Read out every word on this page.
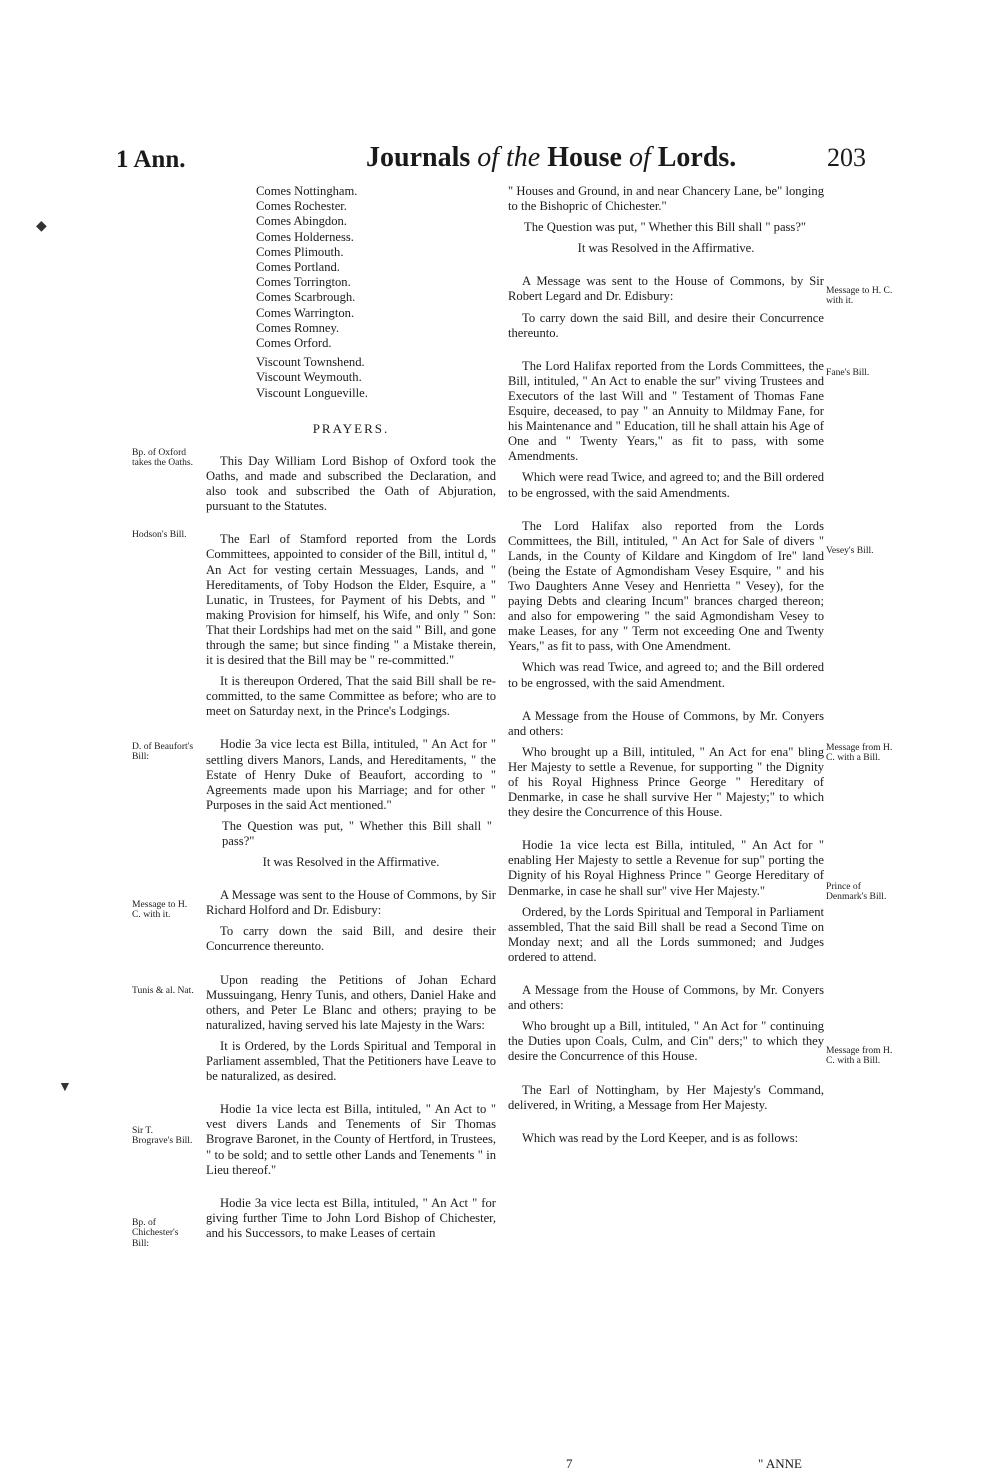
1 Ann.	Journals of the House of Lords.	203
Comes Nottingham.
Comes Rochester.
Comes Abingdon.
Comes Holderness.
Comes Plimouth.
Comes Portland.
Comes Torrington.
Comes Scarbrough.
Comes Warrington.
Comes Romney.
Comes Orford.
Viscount Townshend.
Viscount Weymouth.
Viscount Longueville.
PRAYERS.

This Day William Lord Bishop of Oxford took the Oaths, and made and subscribed the Declaration, and also took and subscribed the Oath of Abjuration, pursuant to the Statutes.

The Earl of Stamford reported from the Lords Committees, appointed to consider of the Bill, intitul d, " An Act for vesting certain Messuages, Lands, and " Hereditaments, of Toby Hodson the Elder, Esquire, a " Lunatic, in Trustees, for Payment of his Debts, and " making Provision for himself, his Wife, and only " Son: That their Lordships had met on the said " Bill, and gone through the same; but since finding " a Mistake therein, it is desired that the Bill may be " re-committed."

It is thereupon Ordered, That the said Bill shall be re-committed, to the same Committee as before; who are to meet on Saturday next, in the Prince's Lodgings.

Hodie 3a vice lecta est Billa, intituled, " An Act for " settling divers Manors, Lands, and Hereditaments, " the Estate of Henry Duke of Beaufort, according to " Agreements made upon his Marriage; and for other " Purposes in the said Act mentioned."

The Question was put, " Whether this Bill shall " pass?"

It was Resolved in the Affirmative.

A Message was sent to the House of Commons, by Sir Richard Holford and Dr. Edisbury:

To carry down the said Bill, and desire their Concurrence thereunto.

Upon reading the Petitions of Johan Echard Mussuingang, Henry Tunis, and others, Daniel Hake and others, and Peter Le Blanc and others; praying to be naturalized, having served his late Majesty in the Wars:

It is Ordered, by the Lords Spiritual and Temporal in Parliament assembled, That the Petitioners have Leave to be naturalized, as desired.

Hodie 1a vice lecta est Billa, intituled, " An Act to " vest divers Lands and Tenements of Sir Thomas Brograve Baronet, in the County of Hertford, in Trustees, " to be sold; and to settle other Lands and Tenements " in Lieu thereof."

Hodie 3a vice lecta est Billa, intituled, " An Act " for giving further Time to John Lord Bishop of Chichester, and his Successors, to make Leases of certain

" Houses and Ground, in and near Chancery Lane, be" longing to the Bishopric of Chichester."

The Question was put, " Whether this Bill shall " pass?"

It was Resolved in the Affirmative.

A Message was sent to the House of Commons, by Sir Robert Legard and Dr. Edisbury:

To carry down the said Bill, and desire their Concurrence thereunto.

The Lord Halifax reported from the Lords Committees, the Bill, intituled, " An Act to enable the sur" viving Trustees and Executors of the last Will and " Testament of Thomas Fane Esquire, deceased, to pay " an Annuity to Mildmay Fane, for his Maintenance and " Education, till he shall attain his Age of One and " Twenty Years," as fit to pass, with some Amendments.

Which were read Twice, and agreed to; and the Bill ordered to be engrossed, with the said Amendments.

The Lord Halifax also reported from the Lords Committees, the Bill, intituled, " An Act for Sale of divers " Lands, in the County of Kildare and Kingdom of Ire" land (being the Estate of Agmondisham Vesey Esquire, " and his Two Daughters Anne Vesey and Henrietta " Vesey), for the paying Debts and clearing Incum" brances charged thereon; and also for empowering " the said Agmondisham Vesey to make Leases, for any " Term not exceeding One and Twenty Years," as fit to pass, with One Amendment.

Which was read Twice, and agreed to; and the Bill ordered to be engrossed, with the said Amendment.

A Message from the House of Commons, by Mr. Conyers and others:

Who brought up a Bill, intituled, " An Act for ena" bling Her Majesty to settle a Revenue, for supporting " the Dignity of his Royal Highness Prince George " Hereditary of Denmarke, in case he shall survive Her " Majesty;" to which they desire the Concurrence of this House.

Hodie 1a vice lecta est Billa, intituled, " An Act for " enabling Her Majesty to settle a Revenue for sup" porting the Dignity of his Royal Highness Prince " George Hereditary of Denmarke, in case he shall sur" vive Her Majesty."

Ordered, by the Lords Spiritual and Temporal in Parliament assembled, That the said Bill shall be read a Second Time on Monday next; and all the Lords summoned; and Judges ordered to attend.

A Message from the House of Commons, by Mr. Conyers and others:

Who brought up a Bill, intituled, " An Act for " continuing the Duties upon Coals, Culm, and Cin" ders;" to which they desire the Concurrence of this House.

The Earl of Nottingham, by Her Majesty's Command, delivered, in Writing, a Message from Her Majesty.

Which was read by the Lord Keeper, and is as follows:

Bp. of Oxford takes the Oaths.
Hodson's Bill.
D. of Beaufort's Bill:
Message to H. C. with it.
Tunis & al. Nat.
Sir T. Brograve's Bill.
Bp. of Chichester's Bill:
Message to H. C. with it.
Fane's Bill.
Vesey's Bill.
Message from H. C. with a Bill.
Prince of Denmark's Bill.
Message from H. C. with a Bill.
7	" ANNE
◆
▼
